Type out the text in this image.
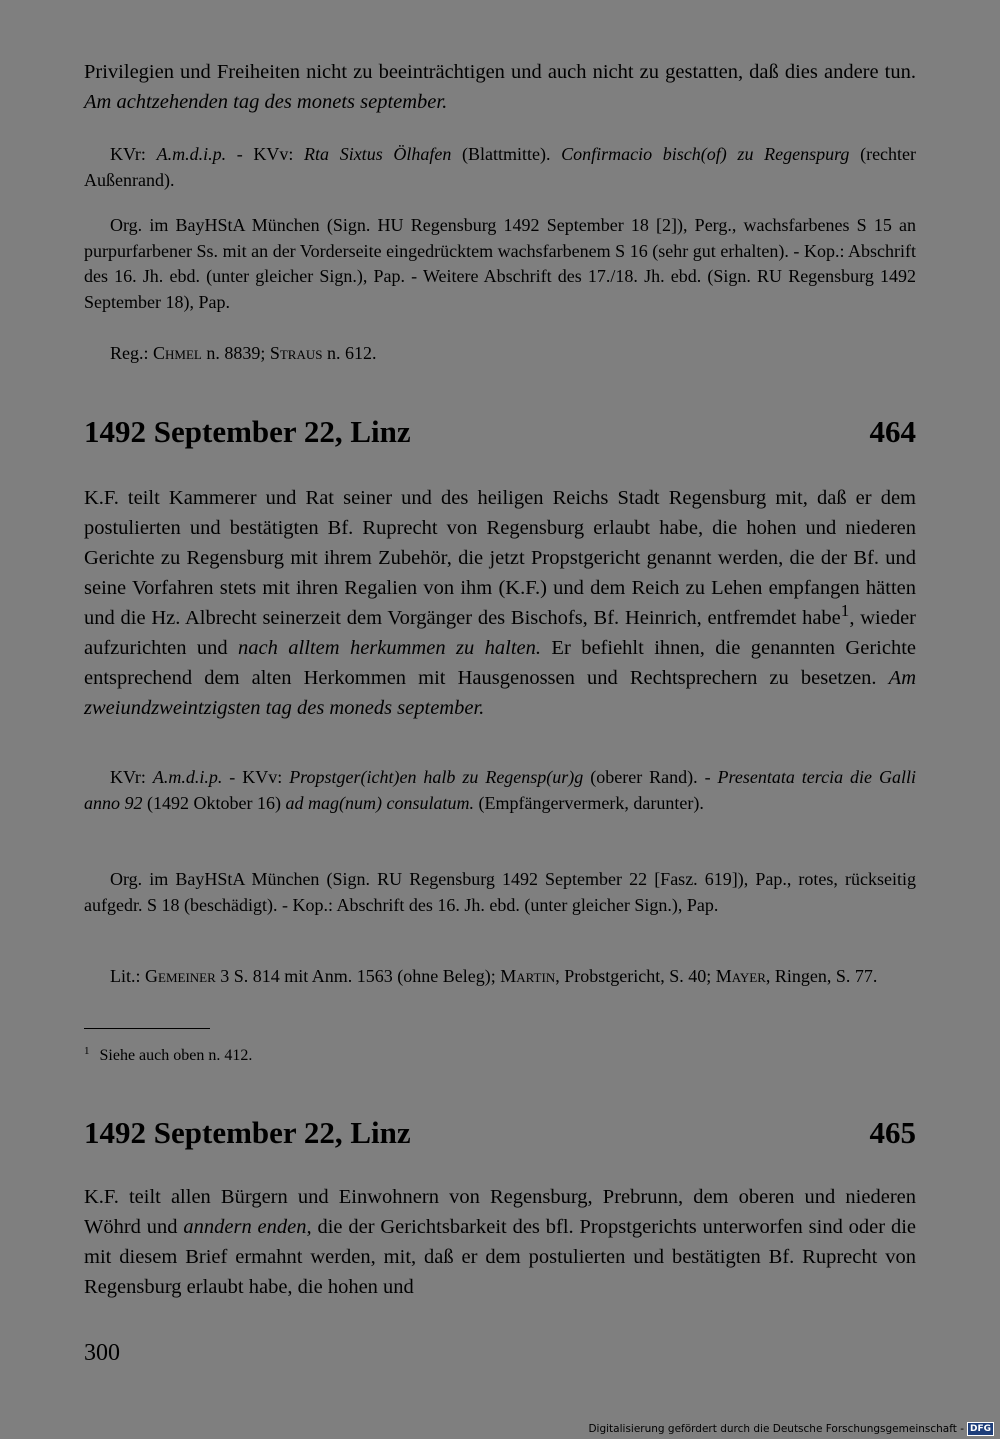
Privilegien und Freiheiten nicht zu beeinträchtigen und auch nicht zu gestatten, daß dies andere tun. Am achtzehenden tag des monets september.

KVr: A.m.d.i.p. - KVv: Rta Sixtus Ölhafen (Blattmitte). Confirmacio bisch(of) zu Regenspurg (rechter Außenrand).

Org. im BayHStA München (Sign. HU Regensburg 1492 September 18 [2]), Perg., wachsfarbenes S 15 an purpurfarbener Ss. mit an der Vorderseite eingedrücktem wachsfarbenem S 16 (sehr gut erhalten). - Kop.: Abschrift des 16. Jh. ebd. (unter gleicher Sign.), Pap. - Weitere Abschrift des 17./18. Jh. ebd. (Sign. RU Regensburg 1492 September 18), Pap.

Reg.: Chmel n. 8839; Straus n. 612.

1492 September 22, Linz	464

K.F. teilt Kammerer und Rat seiner und des heiligen Reichs Stadt Regensburg mit, daß er dem postulierten und bestätigten Bf. Ruprecht von Regensburg erlaubt habe, die hohen und niederen Gerichte zu Regensburg mit ihrem Zubehör, die jetzt Propstgericht genannt werden, die der Bf. und seine Vorfahren stets mit ihren Regalien von ihm (K.F.) und dem Reich zu Lehen empfangen hätten und die Hz. Albrecht seinerzeit dem Vorgänger des Bischofs, Bf. Heinrich, entfremdet habe$^1$, wieder aufzurichten und nach alltem herkummen zu halten. Er befiehlt ihnen, die genannten Gerichte entsprechend dem alten Herkommen mit Hausgenossen und Rechtsprechern zu besetzen. Am zweiundzweintzigsten tag des moneds september.

KVr: A.m.d.i.p. - KVv: Propstger(icht)en halb zu Regensp(ur)g (oberer Rand). - Presentata tercia die Galli anno 92 (1492 Oktober 16) ad mag(num) consulatum. (Empfängervermerk, darunter).

Org. im BayHStA München (Sign. RU Regensburg 1492 September 22 [Fasz. 619]), Pap., rotes, rückseitig aufgedr. S 18 (beschädigt). - Kop.: Abschrift des 16. Jh. ebd. (unter gleicher Sign.), Pap.

Lit.: Gemeiner 3 S. 814 mit Anm. 1563 (ohne Beleg); Martin, Probstgericht, S. 40; Mayer, Ringen, S. 77.

$^1$ Siehe auch oben n. 412.
1492 September 22, Linz	465

K.F. teilt allen Bürgern und Einwohnern von Regensburg, Prebrunn, dem oberen und niederen Wöhrd und anndern enden, die der Gerichtsbarkeit des bfl. Propstgerichts unterworfen sind oder die mit diesem Brief ermahnt werden, mit, daß er dem postulierten und bestätigten Bf. Ruprecht von Regensburg erlaubt habe, die hohen und

300
Digitalisierung gefördert durch die Deutsche Forschungsgemeinschaft - DFG
